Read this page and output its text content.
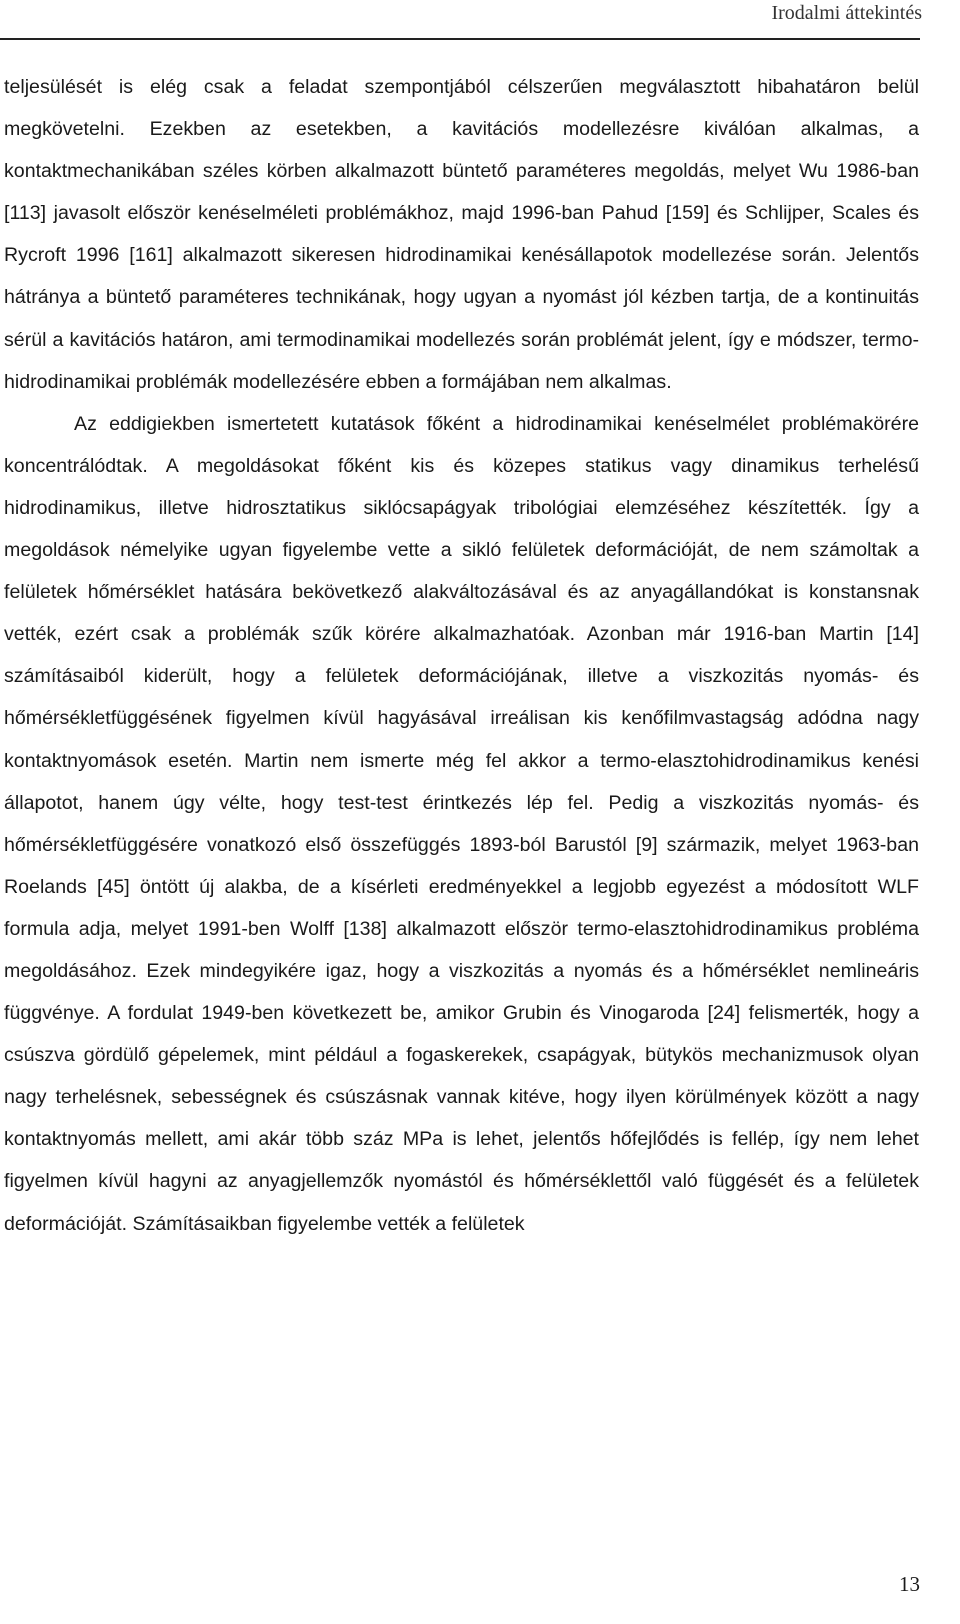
Irodalmi áttekintés

teljesülését is elég csak a feladat szempontjából célszerűen megválasztott hibahatáron belül megkövetelni. Ezekben az esetekben, a kavitációs modellezésre kiválóan alkalmas, a kontaktmechanikában széles körben alkalmazott büntető paraméteres megoldás, melyet Wu 1986-ban [113] javasolt először kenéselméleti problémákhoz, majd 1996-ban Pahud [159] és Schlijper, Scales és Rycroft 1996 [161] alkalmazott sikeresen hidrodinamikai kenésállapotok modellezése során. Jelentős hátránya a büntető paraméteres technikának, hogy ugyan a nyomást jól kézben tartja, de a kontinuitás sérül a kavitációs határon, ami termodinamikai modellezés során problémát jelent, így e módszer, termo-hidrodinamikai problémák modellezésére ebben a formájában nem alkalmas.

Az eddigiekben ismertetett kutatások főként a hidrodinamikai kenéselmélet problémakörére koncentrálódtak. A megoldásokat főként kis és közepes statikus vagy dinamikus terhelésű hidrodinamikus, illetve hidrosztatikus siklócsapágyak tribológiai elemzéséhez készítették. Így a megoldások némelyike ugyan figyelembe vette a sikló felületek deformációját, de nem számoltak a felületek hőmérséklet hatására bekövetkező alakváltozásával és az anyagállandókat is konstansnak vették, ezért csak a problémák szűk körére alkalmazhatóak. Azonban már 1916-ban Martin [14] számításaiból kiderült, hogy a felületek deformációjának, illetve a viszkozitás nyomás- és hőmérsékletfüggésének figyelmen kívül hagyásával irreálisan kis kenőfilmvastagság adódna nagy kontaktnyomások esetén. Martin nem ismerte még fel akkor a termo-elasztohidrodinamikus kenési állapotot, hanem úgy vélte, hogy test-test érintkezés lép fel. Pedig a viszkozitás nyomás- és hőmérsékletfüggésére vonatkozó első összefüggés 1893-ból Barustól [9] származik, melyet 1963-ban Roelands [45] öntött új alakba, de a kísérleti eredményekkel a legjobb egyezést a módosított WLF formula adja, melyet 1991-ben Wolff [138] alkalmazott először termo-elasztohidrodinamikus probléma megoldásához. Ezek mindegyikére igaz, hogy a viszkozitás a nyomás és a hőmérséklet nemlineáris függvénye. A fordulat 1949-ben következett be, amikor Grubin és Vinogaroda [24] felismerték, hogy a csúszva gördülő gépelemek, mint például a fogaskerekek, csapágyak, bütykös mechanizmusok olyan nagy terhelésnek, sebességnek és csúszásnak vannak kitéve, hogy ilyen körülmények között a nagy kontaktnyomás mellett, ami akár több száz MPa is lehet, jelentős hőfejlődés is fellép, így nem lehet figyelmen kívül hagyni az anyagjellemzők nyomástól és hőmérséklettől való függését és a felületek deformációját. Számításaikban figyelembe vették a felületek

13
